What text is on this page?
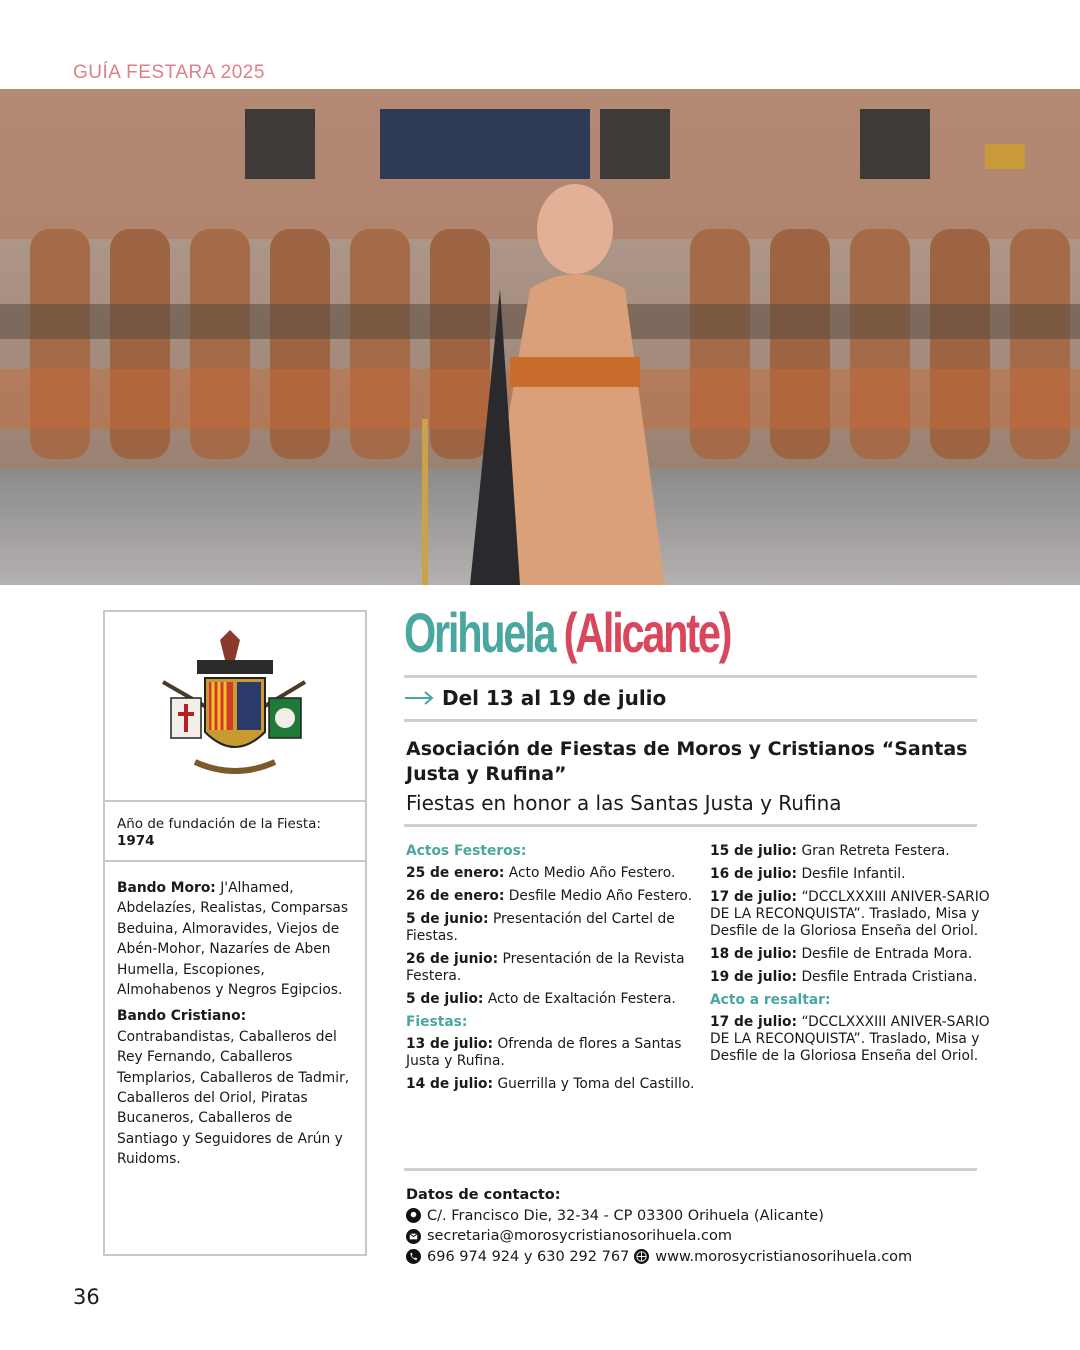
GUÍA FESTARA 2025
Año de fundación de la Fiesta: 1974

Bando Moro: J'Alhamed, Abdelazíes, Realistas, Comparsas Beduina, Almoravides, Viejos de Abén-Mohor, Nazaríes de Aben Humella, Escopiones, Almohabenos y Negros Egipcios.

Bando Cristiano:
Contrabandistas, Caballeros del Rey Fernando, Caballeros Templarios, Caballeros de Tadmir, Caballeros del Oriol, Piratas Bucaneros, Caballeros de Santiago y Seguidores de Arún y Ruidoms.

Orihuela (Alicante)
Del 13 al 19 de julio
Asociación de Fiestas de Moros y Cristianos “Santas Justa y Rufina”
Fiestas en honor a las Santas Justa y Rufina
Actos Festeros:
25 de enero: Acto Medio Año Festero.
26 de enero: Desfile Medio Año Festero.
5 de junio: Presentación del Cartel de Fiestas.
26 de junio: Presentación de la Revista Festera.
5 de julio: Acto de Exaltación Festera.
Fiestas:
13 de julio: Ofrenda de flores a Santas Justa y Rufina.
14 de julio: Guerrilla y Toma del Castillo.
15 de julio: Gran Retreta Festera.
16 de julio: Desfile Infantil.
17 de julio: “DCCLXXXIII ANIVER-SARIO DE LA RECONQUISTA”. Traslado, Misa y Desfile de la Gloriosa Enseña del Oriol.
18 de julio: Desfile de Entrada Mora.
19 de julio: Desfile Entrada Cristiana.
Acto a resaltar:
17 de julio: “DCCLXXXIII ANIVER-SARIO DE LA RECONQUISTA”. Traslado, Misa y Desfile de la Gloriosa Enseña del Oriol.
Datos de contacto:
C/. Francisco Die, 32-34 - CP 03300 Orihuela (Alicante)
secretaria@morosycristianosorihuela.com
696 974 924 y 630 292 767 www.morosycristianosorihuela.com
36
